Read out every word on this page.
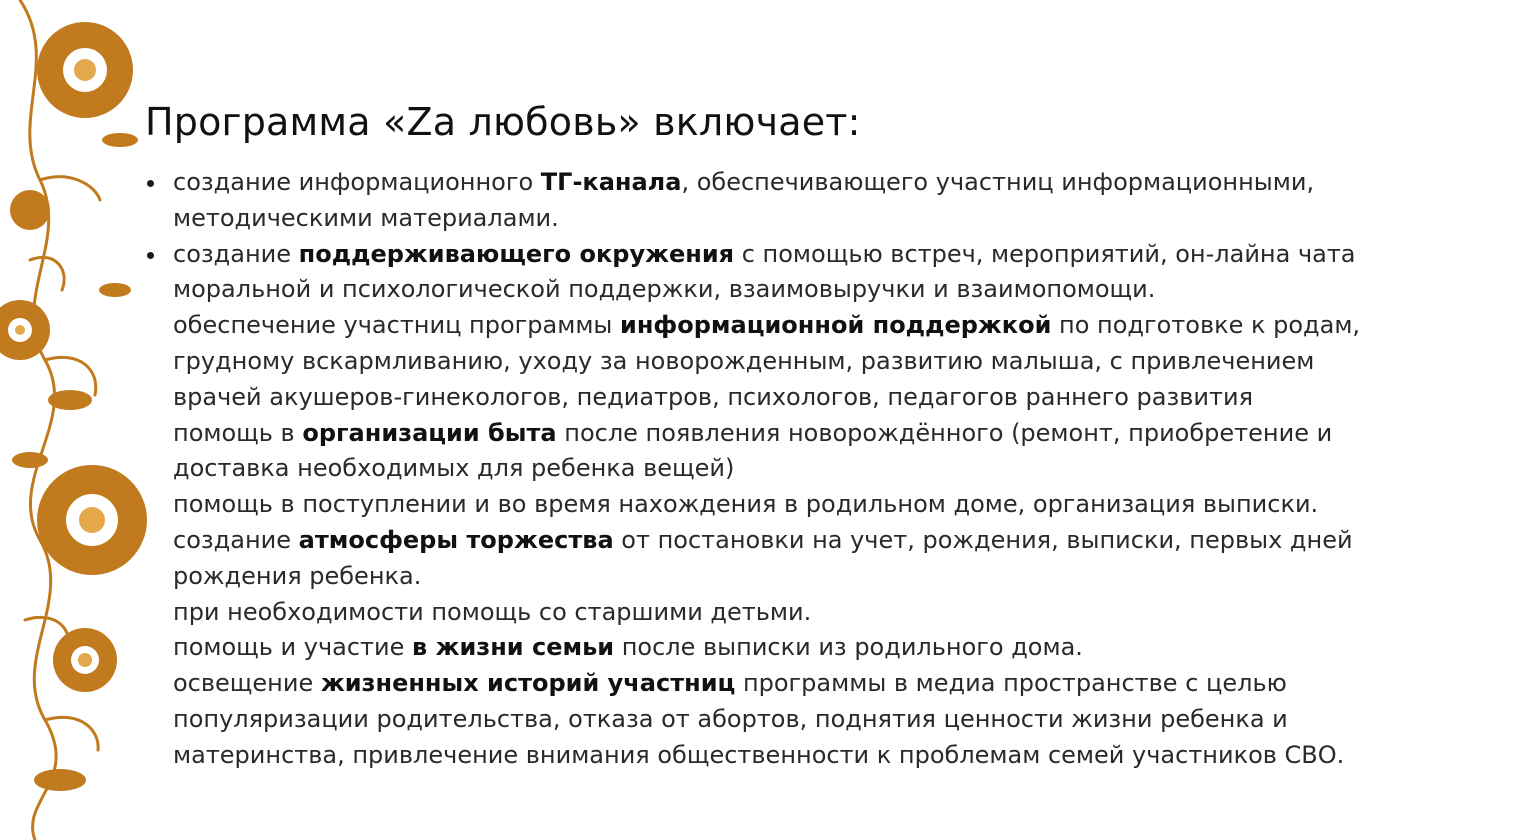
Программа «Za любовь» включает:
создание информационного ТГ-канала, обеспечивающего участниц информационными,
методическими материалами.
создание поддерживающего окружения с помощью встреч, мероприятий, он-лайна чата
моральной и психологической поддержки, взаимовыручки и взаимопомощи.
обеспечение участниц программы информационной поддержкой по подготовке к родам,
грудному вскармливанию, уходу за новорожденным, развитию малыша, с привлечением
врачей акушеров-гинекологов, педиатров, психологов, педагогов раннего развития
помощь в организации быта после появления новорождённого (ремонт, приобретение и
доставка необходимых для ребенка вещей)
помощь в поступлении и во время нахождения в родильном доме, организация выписки.
создание атмосферы торжества от постановки на учет, рождения, выписки, первых дней
рождения ребенка.
при необходимости помощь со старшими детьми.
помощь и участие в жизни семьи после выписки из родильного дома.
освещение жизненных историй участниц программы в медиа пространстве с целью
популяризации родительства, отказа от абортов, поднятия ценности жизни ребенка и
материнства, привлечение внимания общественности к проблемам семей участников СВО.
